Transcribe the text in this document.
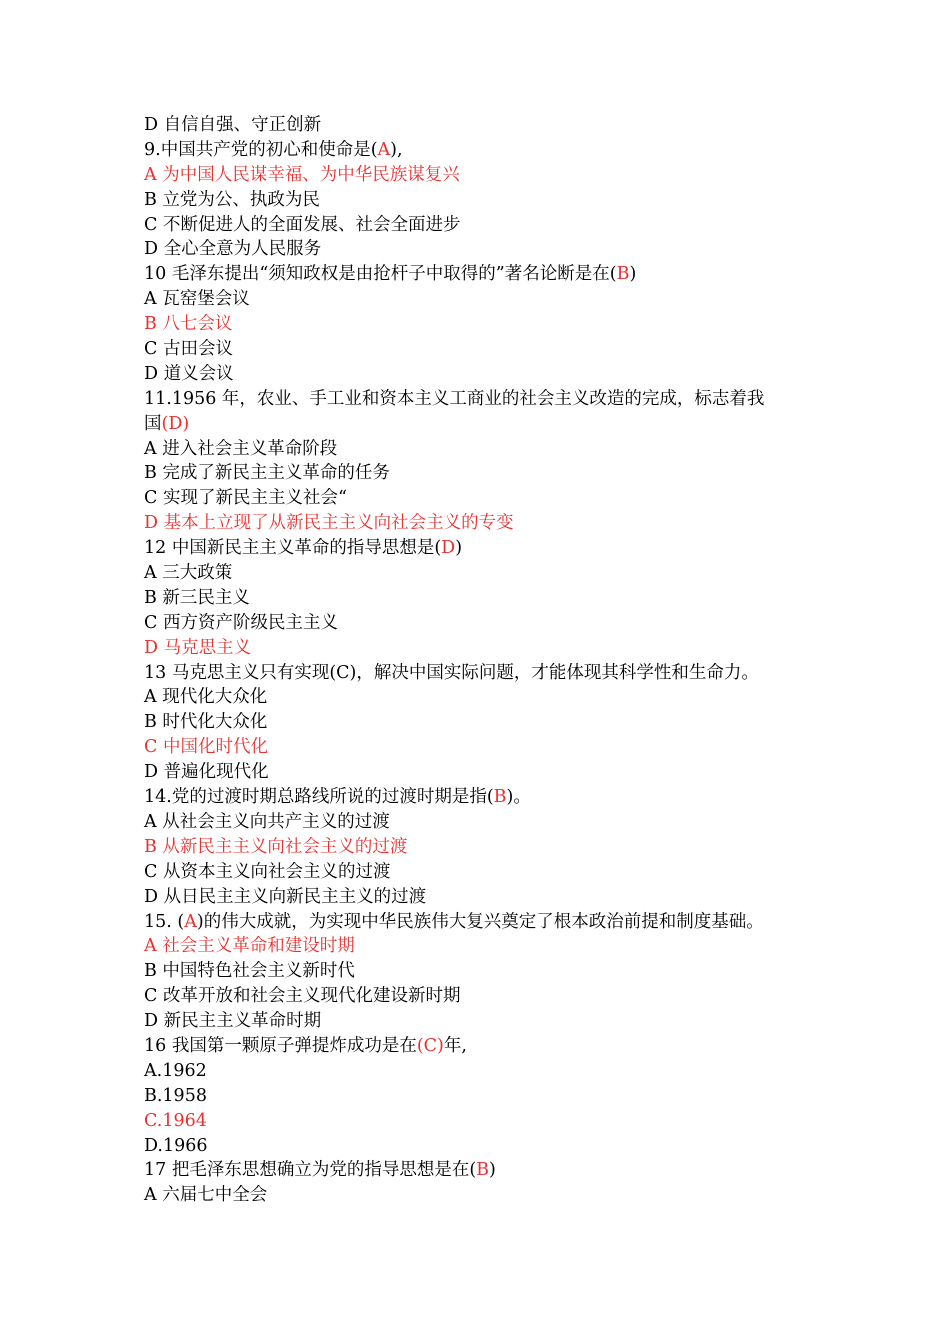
D 自信自强、守正创新
9.中国共产党的初心和使命是(A),
A 为中国人民谋幸福、为中华民族谋复兴
B 立党为公、执政为民
C 不断促进人的全面发展、社会全面进步
D 全心全意为人民服务
10 毛泽东提出“须知政权是由抢杆子中取得的”著名论断是在(B)
A 瓦窑堡会议
B 八七会议
C 古田会议
D 道义会议
11.1956 年，农业、手工业和资本主义工商业的社会主义改造的完成，标志着我
国(D)
A 进入社会主义革命阶段
B 完成了新民主主义革命的任务
C 实现了新民主主义社会“
D 基本上立现了从新民主主义向社会主义的专变
12 中国新民主主义革命的指导思想是(D)
A 三大政策
B 新三民主义
C 西方资产阶级民主主义
D 马克思主义
13 马克思主义只有实现(C)，解决中国实际问题，才能体现其科学性和生命力。
A 现代化大众化
B 时代化大众化
C 中国化时代化
D 普遍化现代化
14.党的过渡时期总路线所说的过渡时期是指(B)。
A 从社会主义向共产主义的过渡
B 从新民主主义向社会主义的过渡
C 从资本主义向社会主义的过渡
D 从日民主主义向新民主主义的过渡
15. (A)的伟大成就，为实现中华民族伟大复兴奠定了根本政治前提和制度基础。
A 社会主义革命和建设时期
B 中国特色社会主义新时代
C 改革开放和社会主义现代化建设新时期
D 新民主主义革命时期
16 我国第一颗原子弹提炸成功是在(C)年,
A.1962
B.1958
C.1964
D.1966
17 把毛泽东思想确立为党的指导思想是在(B)
A 六届七中全会
